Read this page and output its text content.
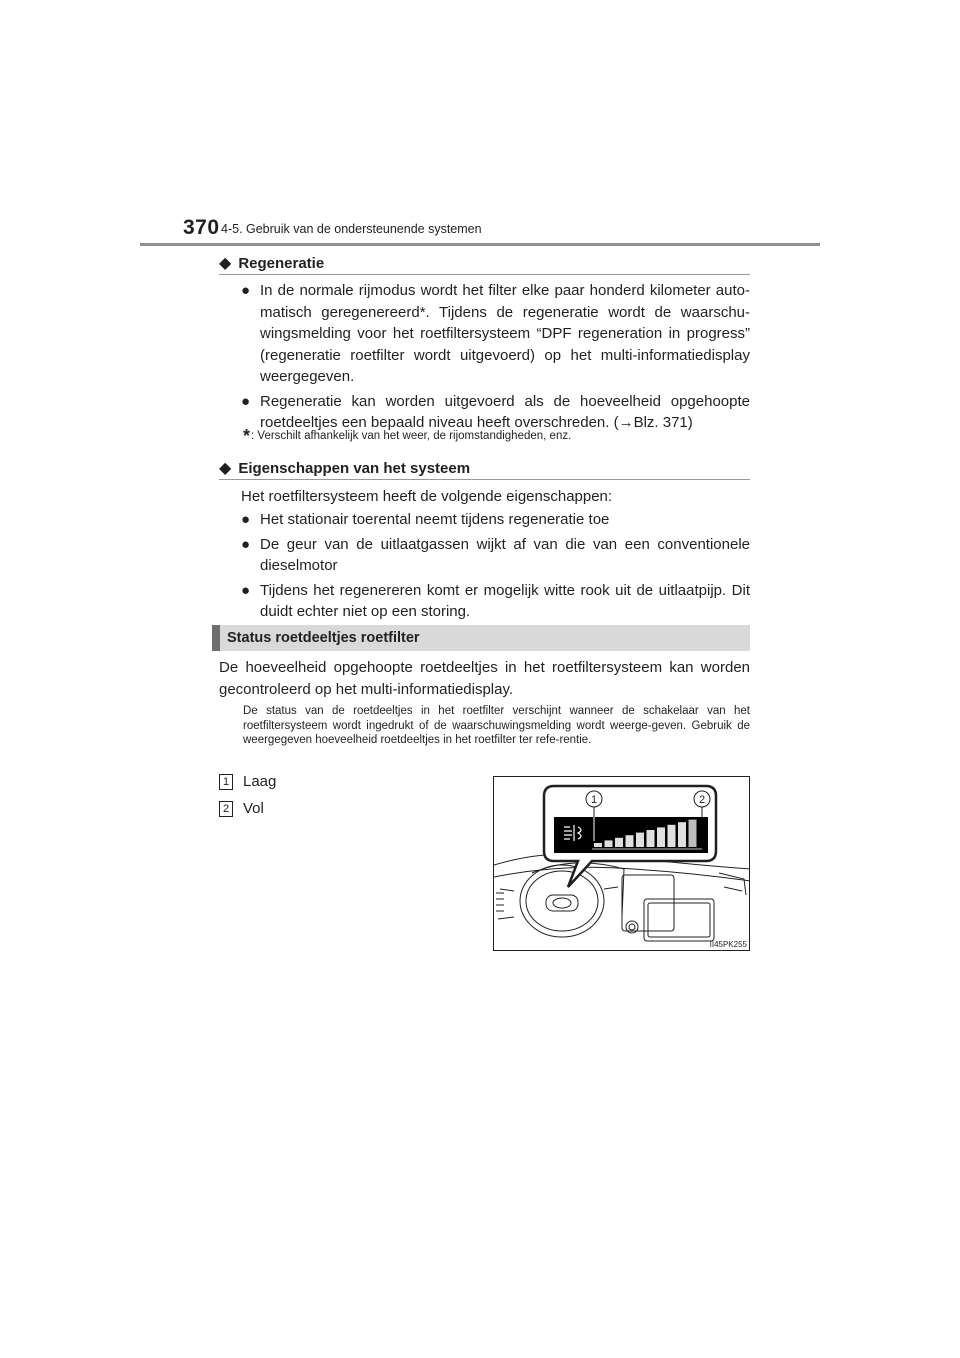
370 4-5. Gebruik van de ondersteunende systemen
◆ Regeneratie
● In de normale rijmodus wordt het filter elke paar honderd kilometer auto-matisch geregenereerd*. Tijdens de regeneratie wordt de waarschu-wingsmelding voor het roetfiltersysteem “DPF regeneration in progress” (regeneratie roetfilter wordt uitgevoerd) op het multi-informatiedisplay weergegeven.
● Regeneratie kan worden uitgevoerd als de hoeveelheid opgehoopte roetdeeltjes een bepaald niveau heeft overschreden. (→Blz. 371)
*: Verschilt afhankelijk van het weer, de rijomstandigheden, enz.
◆ Eigenschappen van het systeem
Het roetfiltersysteem heeft de volgende eigenschappen:
● Het stationair toerental neemt tijdens regeneratie toe
● De geur van de uitlaatgassen wijkt af van die van een conventionele dieselmotor
● Tijdens het regenereren komt er mogelijk witte rook uit de uitlaatpijp. Dit duidt echter niet op een storing.
Status roetdeeltjes roetfilter
De hoeveelheid opgehoopte roetdeeltjes in het roetfiltersysteem kan worden gecontroleerd op het multi-informatiedisplay.
De status van de roetdeeltjes in het roetfilter verschijnt wanneer de schakelaar van het roetfiltersysteem wordt ingedrukt of de waarschuwingsmelding wordt weerge-geven. Gebruik de weergegeven hoeveelheid roetdeeltjes in het roetfilter ter refe-rentie.
1 Laag
2 Vol	1	2
II45PK255
